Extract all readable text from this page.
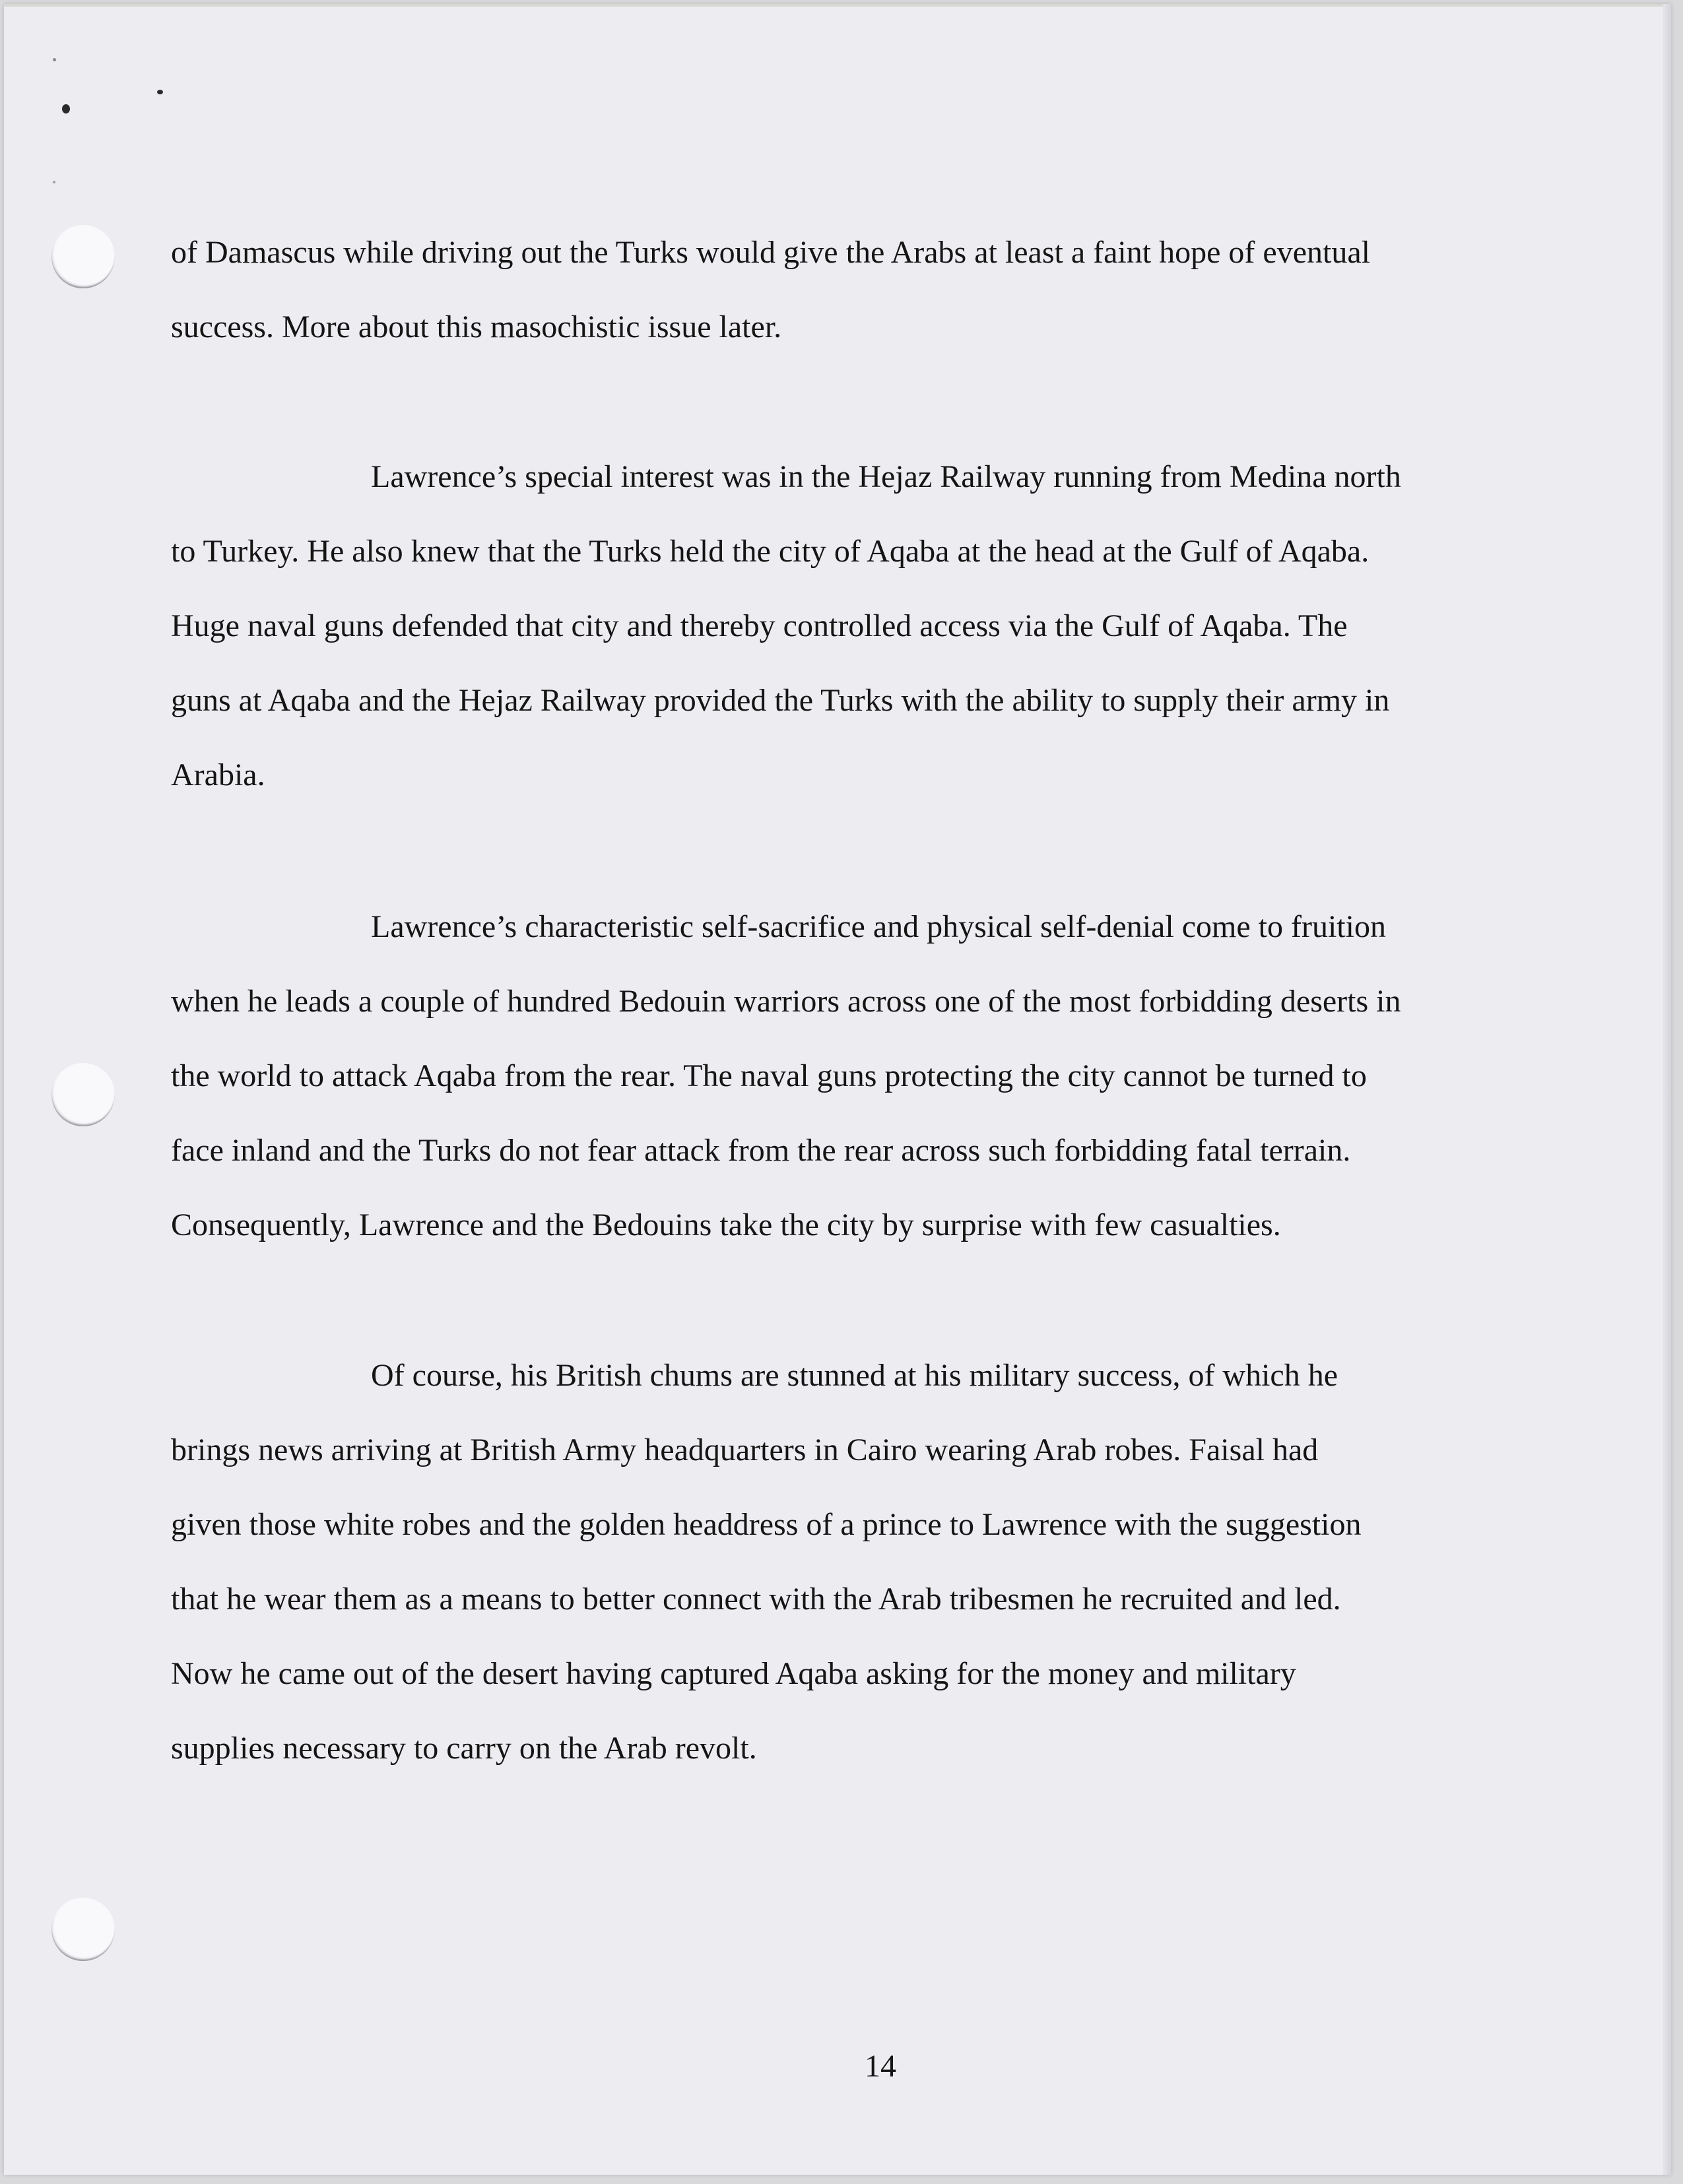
of Damascus while driving out the Turks would give the Arabs at least a faint hope of eventual
success. More about this masochistic issue later.
Lawrence’s special interest was in the Hejaz Railway running from Medina north
to Turkey. He also knew that the Turks held the city of Aqaba at the head at the Gulf of Aqaba.
Huge naval guns defended that city and thereby controlled access via the Gulf of Aqaba. The
guns at Aqaba and the Hejaz Railway provided the Turks with the ability to supply their army in
Arabia.
Lawrence’s characteristic self-sacrifice and physical self-denial come to fruition
when he leads a couple of hundred Bedouin warriors across one of the most forbidding deserts in
the world to attack Aqaba from the rear. The naval guns protecting the city cannot be turned to
face inland and the Turks do not fear attack from the rear across such forbidding fatal terrain.
Consequently, Lawrence and the Bedouins take the city by surprise with few casualties.
Of course, his British chums are stunned at his military success, of which he
brings news arriving at British Army headquarters in Cairo wearing Arab robes. Faisal had
given those white robes and the golden headdress of a prince to Lawrence with the suggestion
that he wear them as a means to better connect with the Arab tribesmen he recruited and led.
Now he came out of the desert having captured Aqaba asking for the money and military
supplies necessary to carry on the Arab revolt.
14
